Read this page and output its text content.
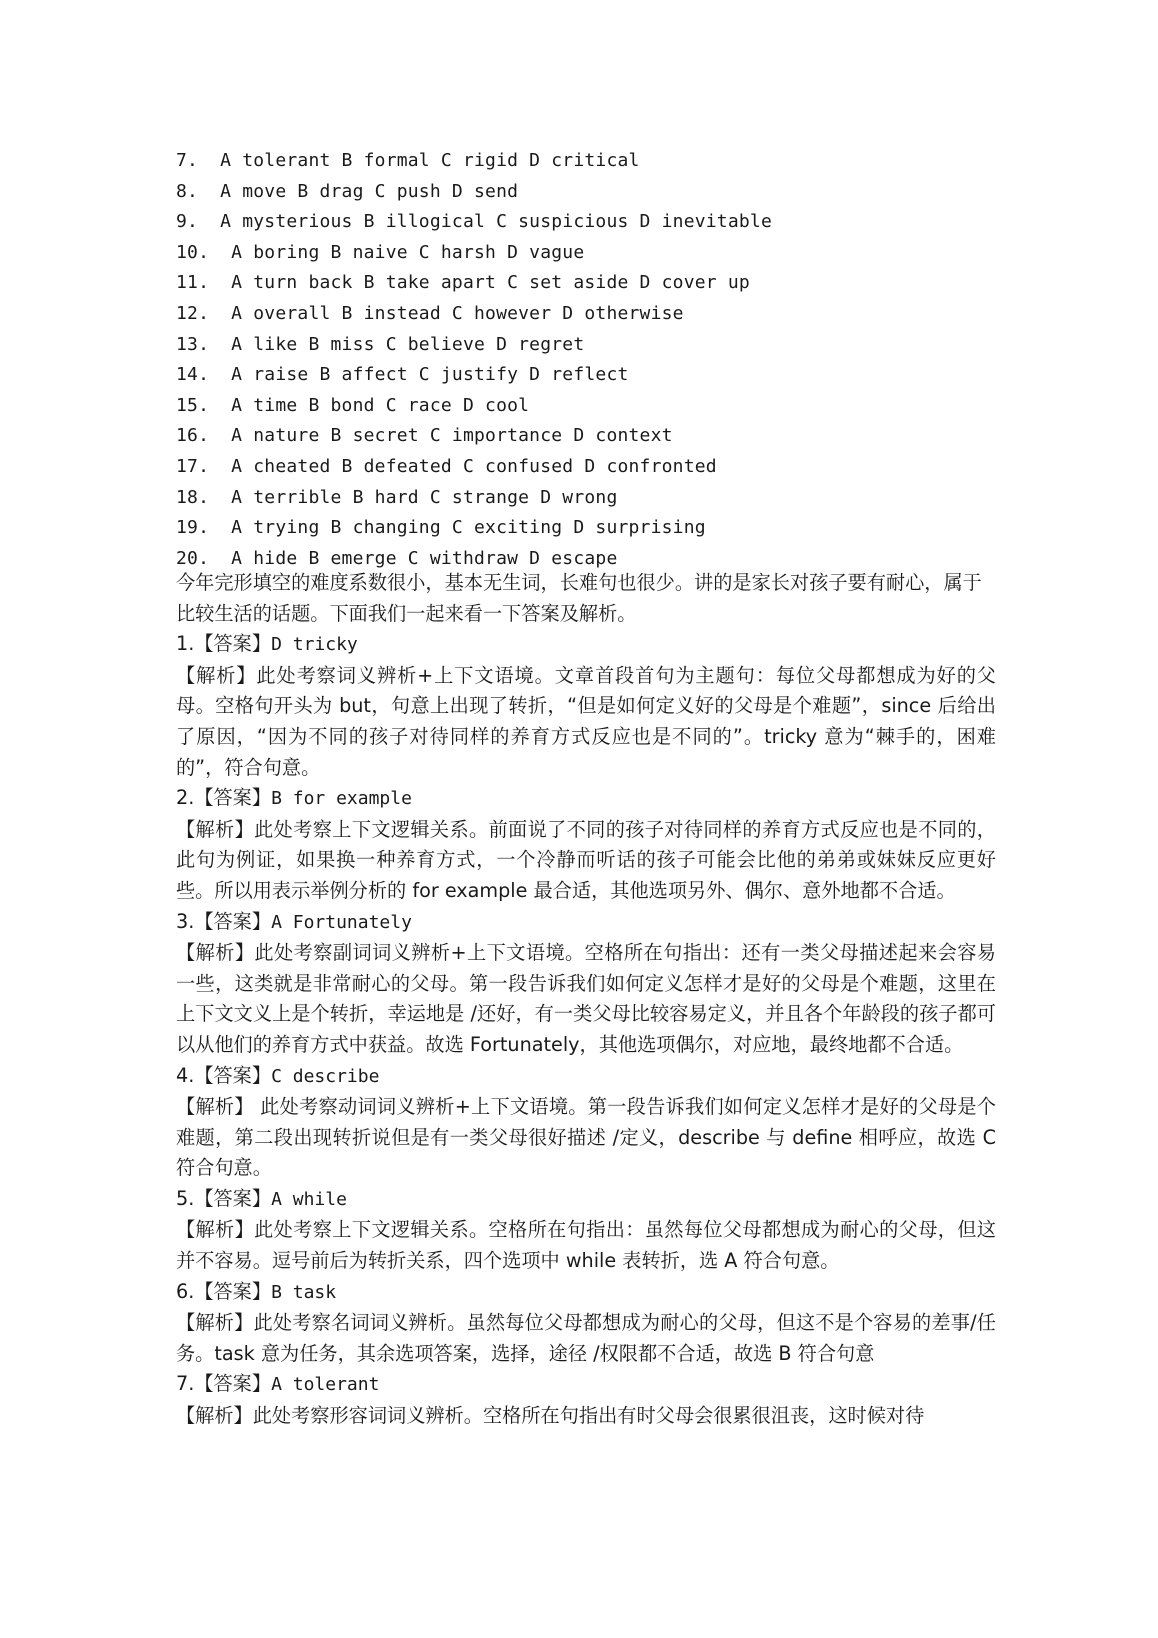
7.  A tolerant B formal C rigid D critical
8.  A move B drag C push D send
9.  A mysterious B illogical C suspicious D inevitable
10.  A boring B naive C harsh D vague
11.  A turn back B take apart C set aside D cover up
12.  A overall B instead C however D otherwise
13.  A like B miss C believe D regret
14.  A raise B affect C justify D reflect
15.  A time B bond C race D cool
16.  A nature B secret C importance D context
17.  A cheated B defeated C confused D confronted
18.  A terrible B hard C strange D wrong
19.  A trying B changing C exciting D surprising
20.  A hide B emerge C withdraw D escape

今年完形填空的难度系数很小，基本无生词，长难句也很少。讲的是家长对孩子要有耐心，属于比较生活的话题。下面我们一起来看一下答案及解析。

1.【答案】D tricky

【解析】此处考察词义辨析+上下文语境。文章首段首句为主题句：每位父母都想成为好的父母。空格句开头为 but，句意上出现了转折，“但是如何定义好的父母是个难题”，since 后给出了原因，“因为不同的孩子对待同样的养育方式反应也是不同的”。tricky 意为“棘手的，困难的”，符合句意。

2.【答案】B for example

【解析】此处考察上下文逻辑关系。前面说了不同的孩子对待同样的养育方式反应也是不同的，此句为例证，如果换一种养育方式，一个冷静而听话的孩子可能会比他的弟弟或妹妹反应更好些。所以用表示举例分析的 for example 最合适，其他选项另外、偶尔、意外地都不合适。

3.【答案】A Fortunately

【解析】此处考察副词词义辨析+上下文语境。空格所在句指出：还有一类父母描述起来会容易一些，这类就是非常耐心的父母。第一段告诉我们如何定义怎样才是好的父母是个难题，这里在上下文文义上是个转折，幸运地是 /还好，有一类父母比较容易定义，并且各个年龄段的孩子都可以从他们的养育方式中获益。故选 Fortunately，其他选项偶尔，对应地，最终地都不合适。

4.【答案】C describe

【解析】 此处考察动词词义辨析+上下文语境。第一段告诉我们如何定义怎样才是好的父母是个难题，第二段出现转折说但是有一类父母很好描述 /定义，describe 与 define 相呼应，故选 C 符合句意。

5.【答案】A while

【解析】此处考察上下文逻辑关系。空格所在句指出：虽然每位父母都想成为耐心的父母，但这并不容易。逗号前后为转折关系，四个选项中 while 表转折，选 A 符合句意。

6.【答案】B task

【解析】此处考察名词词义辨析。虽然每位父母都想成为耐心的父母，但这不是个容易的差事/任务。task 意为任务，其余选项答案，选择，途径 /权限都不合适，故选 B 符合句意

7.【答案】A tolerant

【解析】此处考察形容词词义辨析。空格所在句指出有时父母会很累很沮丧，这时候对待
